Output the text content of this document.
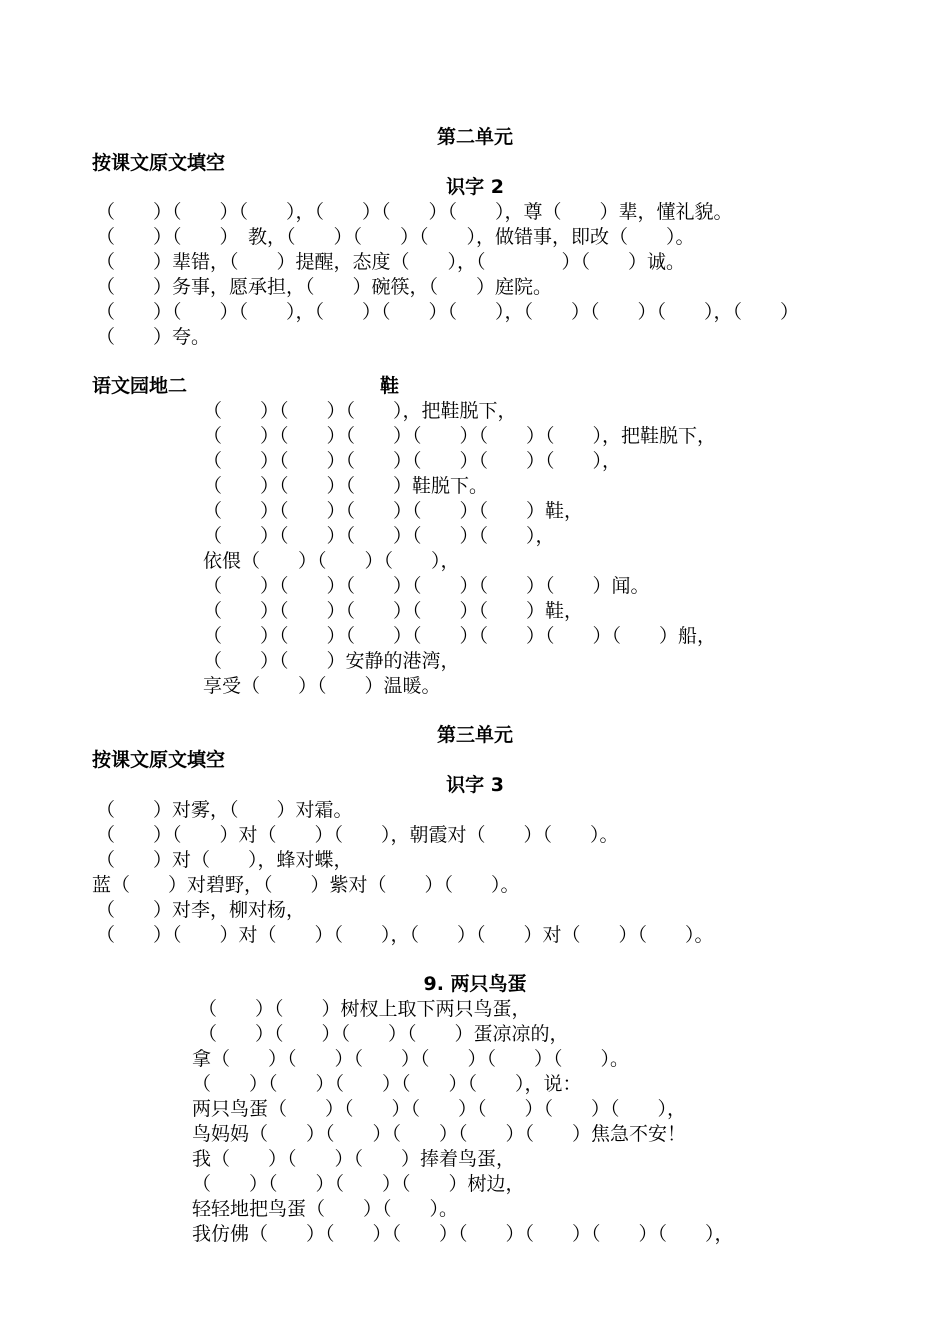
第二单元
按课文原文填空
识字 2
（　　）（　　）（　　），（　　）（　　）（　　），尊（　　）辈，懂礼貌。
（　　）（　　）　教，（　　）（　　）（　　），做错事，即改（　　）。
（　　）辈错，（　　）提醒，态度（　　），（　　　　）（　　）诚。
（　　）务事，愿承担，（　　）碗筷，（　　）庭院。
（　　）（　　）（　　），（　　）（　　）（　　），（　　）（　　）（　　），（　　）
（　　）夸。
语文园地二	鞋
（　　）（　　）（　　），把鞋脱下，
（　　）（　　）（　　）（　　）（　　）（　　），把鞋脱下，
（　　）（　　）（　　）（　　）（　　）（　　），
（　　）（　　）（　　）鞋脱下。
（　　）（　　）（　　）（　　）（　　）鞋，
（　　）（　　）（　　）（　　）（　　），
依偎（　　）（　　）（　　），
（　　）（　　）（　　）（　　）（　　）（　　）闻。
（　　）（　　）（　　）（　　）（　　）鞋，
（　　）（　　）（　　）（　　）（　　）（　　）（　　）船，
（　　）（　　）安静的港湾，
享受（　　）（　　）温暖。
第三单元
按课文原文填空
识字 3
（　　）对雾，（　　）对霜。
（　　）（　　）对（　　）（　　），朝霞对（　　）（　　）。
（　　）对（　　），蜂对蝶，
蓝（　　）对碧野，（　　）紫对（　　）（　　）。
（　　）对李，柳对杨，
（　　）（　　）对（　　）（　　），（　　）（　　）对（　　）（　　）。
9. 两只鸟蛋
（　　）（　　）树杈上取下两只鸟蛋，
（　　）（　　）（　　）（　　）蛋凉凉的，
拿（　　）（　　）（　　）（　　）（　　）（　　）。
（　　）（　　）（　　）（　　）（　　），说：
两只鸟蛋（　　）（　　）（　　）（　　）（　　）（　　），
鸟妈妈（　　）（　　）（　　）（　　）（　　）焦急不安！
我（　　）（　　）（　　）捧着鸟蛋，
（　　）（　　）（　　）（　　）树边，
轻轻地把鸟蛋（　　）（　　）。
我仿佛（　　）（　　）（　　）（　　）（　　）（　　）（　　），
